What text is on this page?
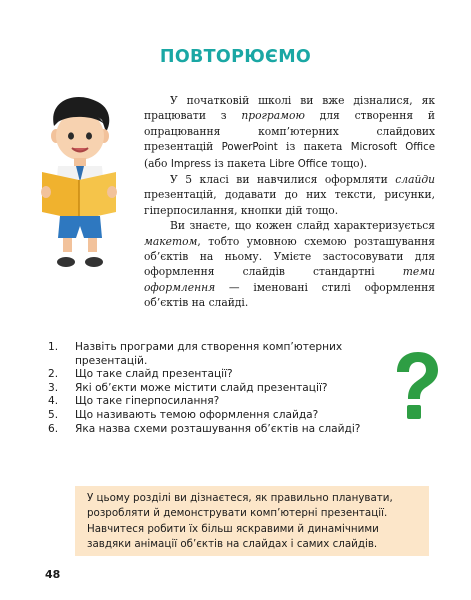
ПОВТОРЮЄМО

У початковій школі ви вже дізналися, як працювати з програмою для створення й опрацювання комп’ютерних слайдових презентацій PowerPoint із пакета Microsoft Office (або Impress із пакета Libre Office тощо).

У 5 класі ви навчилися оформляти слайди презентацій, додавати до них тексти, рисунки, гіперпосилання, кнопки дій тощо.

Ви знаєте, що кожен слайд характеризується макетом, тобто умовною схемою розташування об’єктів на ньому. Умієте застосовувати для оформлення слайдів стандартні теми оформлення — іменовані стилі оформлення об’єктів на слайді.

1.	Назвіть програми для створення комп’ютерних презентацій.
2.	Що таке слайд презентації?
3.	Які об’єкти може містити слайд презентації?
4.	Що таке гіперпосилання?
5.	Що називають темою оформлення слайда?
6.	Яка назва схеми розташування об’єктів на слайді?
У цьому розділі ви дізнаєтеся, як правильно планувати, розробляти й демонструвати комп’ютерні презентації. Навчитеся робити їх більш яскравими й динамічними завдяки анімації об’єктів на слайдах і самих слайдів.
48
